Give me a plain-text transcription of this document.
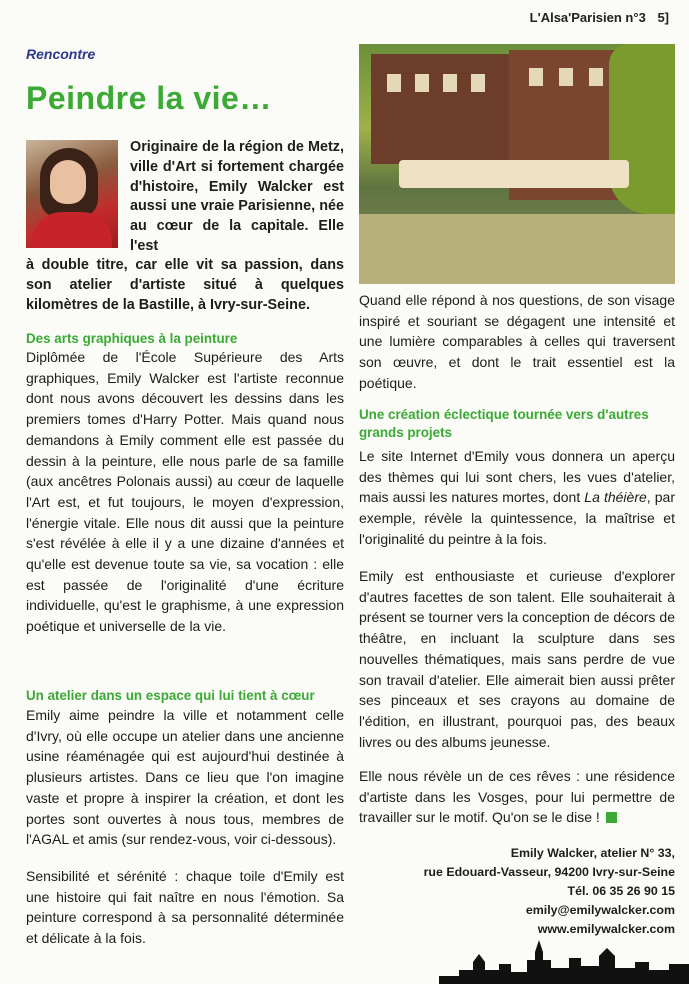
L'Alsa'Parisien n°3 5]
Rencontre
Peindre la vie…
Originaire de la région de Metz, ville d'Art si fortement chargée d'histoire, Emily Walcker est aussi une vraie Parisienne, née au cœur de la capitale. Elle l'est
à double titre, car elle vit sa passion, dans son atelier d'artiste situé à quelques kilomètres de la Bastille, à Ivry-sur-Seine.
Des arts graphiques à la peinture
Diplômée de l'École Supérieure des Arts graphiques, Emily Walcker est l'artiste reconnue dont nous avons découvert les dessins dans les premiers tomes d'Harry Potter. Mais quand nous demandons à Emily comment elle est passée du dessin à la peinture, elle nous parle de sa famille (aux ancêtres Polonais aussi) au cœur de laquelle l'Art est, et fut toujours, le moyen d'expression, l'énergie vitale. Elle nous dit aussi que la peinture s'est révélée à elle il y a une dizaine d'années et qu'elle est devenue toute sa vie, sa vocation : elle est passée de l'originalité d'une écriture individuelle, qu'est le graphisme, à une expression poétique et universelle de la vie.
Un atelier dans un espace qui lui tient à cœur
Emily aime peindre la ville et notamment celle d'Ivry, où elle occupe un atelier dans une ancienne usine réaménagée qui est aujourd'hui destinée à plusieurs artistes. Dans ce lieu que l'on imagine vaste et propre à inspirer la création, et dont les portes sont ouvertes à nous tous, membres de l'AGAL et amis (sur rendez-vous, voir ci-dessous).
Sensibilité et sérénité : chaque toile d'Emily est une histoire qui fait naître en nous l'émotion. Sa peinture correspond à sa personnalité déterminée et délicate à la fois.
Quand elle répond à nos questions, de son visage inspiré et souriant se dégagent une intensité et une lumière comparables à celles qui traversent son œuvre, et dont le trait essentiel est la poétique.
Une création éclectique tournée vers d'autres grands projets
Le site Internet d'Emily vous donnera un aperçu des thèmes qui lui sont chers, les vues d'atelier, mais aussi les natures mortes, dont La théière, par exemple, révèle la quintessence, la maîtrise et l'originalité du peintre à la fois.
Emily est enthousiaste et curieuse d'explorer d'autres facettes de son talent. Elle souhaiterait à présent se tourner vers la conception de décors de théâtre, en incluant la sculpture dans ses nouvelles thématiques, mais sans perdre de vue son travail d'atelier. Elle aimerait bien aussi prêter ses pinceaux et ses crayons au domaine de l'édition, en illustrant, pourquoi pas, des beaux livres ou des albums jeunesse.
Elle nous révèle un de ces rêves : une résidence d'artiste dans les Vosges, pour lui permettre de travailler sur le motif. Qu'on se le dise !
Emily Walcker, atelier N° 33,
rue Edouard-Vasseur, 94200 Ivry-sur-Seine
Tél. 06 35 26 90 15
emily@emilywalcker.com
www.emilywalcker.com
